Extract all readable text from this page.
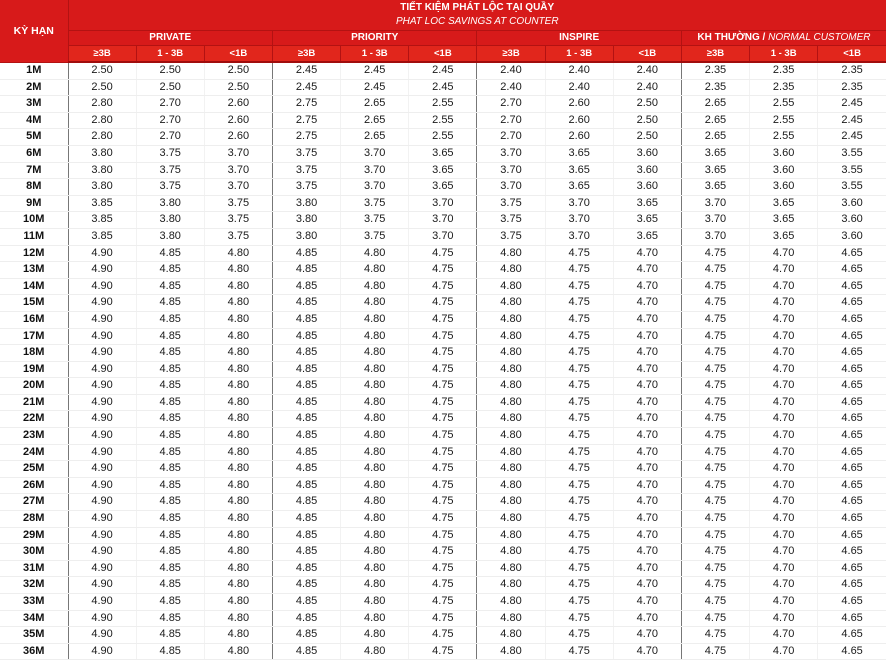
KỲ HẠN	TIẾT KIỆM PHÁT LỘC TẠI QUẦY
PHAT LOC SAVINGS AT COUNTER											

	PRIVATE			PRIORITY			INSPIRE			KH THƯỜNG / NORMAL CUSTOMER		
	≥3B	1 - 3B	<1B	≥3B	1 - 3B	<1B	≥3B	1 - 3B	<1B	≥3B	1 - 3B	<1B
1M	2.50	2.50	2.50	2.45	2.45	2.45	2.40	2.40	2.40	2.35	2.35	2.35
2M	2.50	2.50	2.50	2.45	2.45	2.45	2.40	2.40	2.40	2.35	2.35	2.35
3M	2.80	2.70	2.60	2.75	2.65	2.55	2.70	2.60	2.50	2.65	2.55	2.45
4M	2.80	2.70	2.60	2.75	2.65	2.55	2.70	2.60	2.50	2.65	2.55	2.45
5M	2.80	2.70	2.60	2.75	2.65	2.55	2.70	2.60	2.50	2.65	2.55	2.45
6M	3.80	3.75	3.70	3.75	3.70	3.65	3.70	3.65	3.60	3.65	3.60	3.55
7M	3.80	3.75	3.70	3.75	3.70	3.65	3.70	3.65	3.60	3.65	3.60	3.55
8M	3.80	3.75	3.70	3.75	3.70	3.65	3.70	3.65	3.60	3.65	3.60	3.55
9M	3.85	3.80	3.75	3.80	3.75	3.70	3.75	3.70	3.65	3.70	3.65	3.60
10M	3.85	3.80	3.75	3.80	3.75	3.70	3.75	3.70	3.65	3.70	3.65	3.60
11M	3.85	3.80	3.75	3.80	3.75	3.70	3.75	3.70	3.65	3.70	3.65	3.60
12M	4.90	4.85	4.80	4.85	4.80	4.75	4.80	4.75	4.70	4.75	4.70	4.65
13M	4.90	4.85	4.80	4.85	4.80	4.75	4.80	4.75	4.70	4.75	4.70	4.65
14M	4.90	4.85	4.80	4.85	4.80	4.75	4.80	4.75	4.70	4.75	4.70	4.65
15M	4.90	4.85	4.80	4.85	4.80	4.75	4.80	4.75	4.70	4.75	4.70	4.65
16M	4.90	4.85	4.80	4.85	4.80	4.75	4.80	4.75	4.70	4.75	4.70	4.65
17M	4.90	4.85	4.80	4.85	4.80	4.75	4.80	4.75	4.70	4.75	4.70	4.65
18M	4.90	4.85	4.80	4.85	4.80	4.75	4.80	4.75	4.70	4.75	4.70	4.65
19M	4.90	4.85	4.80	4.85	4.80	4.75	4.80	4.75	4.70	4.75	4.70	4.65
20M	4.90	4.85	4.80	4.85	4.80	4.75	4.80	4.75	4.70	4.75	4.70	4.65
21M	4.90	4.85	4.80	4.85	4.80	4.75	4.80	4.75	4.70	4.75	4.70	4.65
22M	4.90	4.85	4.80	4.85	4.80	4.75	4.80	4.75	4.70	4.75	4.70	4.65
23M	4.90	4.85	4.80	4.85	4.80	4.75	4.80	4.75	4.70	4.75	4.70	4.65
24M	4.90	4.85	4.80	4.85	4.80	4.75	4.80	4.75	4.70	4.75	4.70	4.65
25M	4.90	4.85	4.80	4.85	4.80	4.75	4.80	4.75	4.70	4.75	4.70	4.65
26M	4.90	4.85	4.80	4.85	4.80	4.75	4.80	4.75	4.70	4.75	4.70	4.65
27M	4.90	4.85	4.80	4.85	4.80	4.75	4.80	4.75	4.70	4.75	4.70	4.65
28M	4.90	4.85	4.80	4.85	4.80	4.75	4.80	4.75	4.70	4.75	4.70	4.65
29M	4.90	4.85	4.80	4.85	4.80	4.75	4.80	4.75	4.70	4.75	4.70	4.65
30M	4.90	4.85	4.80	4.85	4.80	4.75	4.80	4.75	4.70	4.75	4.70	4.65
31M	4.90	4.85	4.80	4.85	4.80	4.75	4.80	4.75	4.70	4.75	4.70	4.65
32M	4.90	4.85	4.80	4.85	4.80	4.75	4.80	4.75	4.70	4.75	4.70	4.65
33M	4.90	4.85	4.80	4.85	4.80	4.75	4.80	4.75	4.70	4.75	4.70	4.65
34M	4.90	4.85	4.80	4.85	4.80	4.75	4.80	4.75	4.70	4.75	4.70	4.65
35M	4.90	4.85	4.80	4.85	4.80	4.75	4.80	4.75	4.70	4.75	4.70	4.65
36M	4.90	4.85	4.80	4.85	4.80	4.75	4.80	4.75	4.70	4.75	4.70	4.65
